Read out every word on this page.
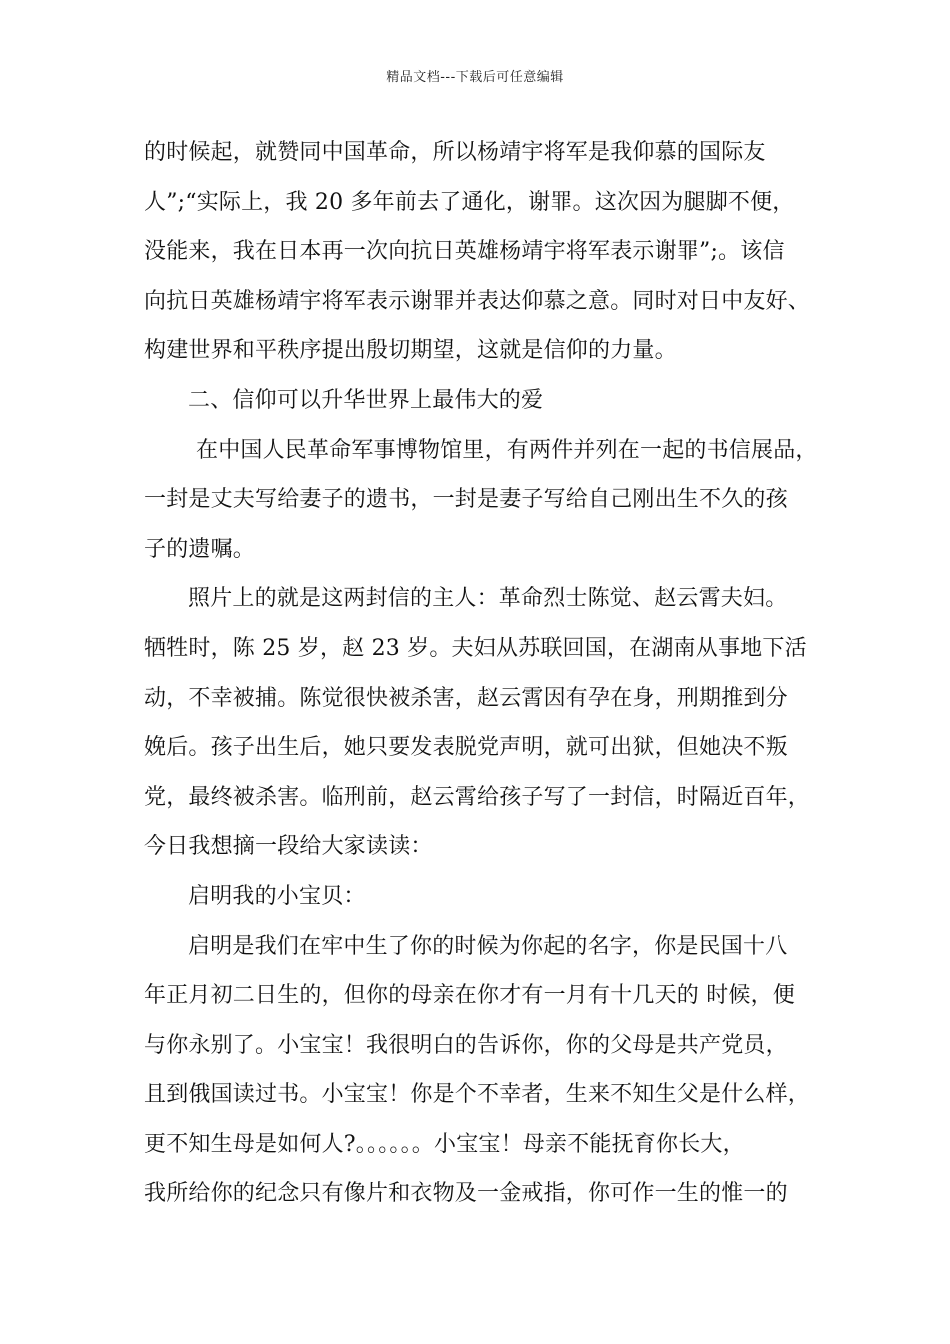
精品文档---下载后可任意编辑
的时候起，就赞同中国革命，所以杨靖宇将军是我仰慕的国际友
人”;“实际上，我 20 多年前去了通化，谢罪。这次因为腿脚不便，
没能来，我在日本再一次向抗日英雄杨靖宇将军表示谢罪”;。该信
向抗日英雄杨靖宇将军表示谢罪并表达仰慕之意。同时对日中友好、
构建世界和平秩序提出殷切期望，这就是信仰的力量。
二、信仰可以升华世界上最伟大的爱
在中国人民革命军事博物馆里，有两件并列在一起的书信展品，
一封是丈夫写给妻子的遗书，一封是妻子写给自己刚出生不久的孩
子的遗嘱。
照片上的就是这两封信的主人：革命烈士陈觉、赵云霄夫妇。
牺牲时，陈 25 岁，赵 23 岁。夫妇从苏联回国，在湖南从事地下活
动，不幸被捕。陈觉很快被杀害，赵云霄因有孕在身，刑期推到分
娩后。孩子出生后，她只要发表脱党声明，就可出狱，但她决不叛
党，最终被杀害。临刑前，赵云霄给孩子写了一封信，时隔近百年，
今日我想摘一段给大家读读：
启明我的小宝贝：
启明是我们在牢中生了你的时候为你起的名字，你是民国十八
年正月初二日生的，但你的母亲在你才有一月有十几天的 时候，便
与你永别了。小宝宝！我很明白的告诉你，你的父母是共产党员，
且到俄国读过书。小宝宝！你是个不幸者，生来不知生父是什么样，
更不知生母是如何人?。。。。。。小宝宝！母亲不能抚育你长大，
我所给你的纪念只有像片和衣物及一金戒指，你可作一生的惟一的
